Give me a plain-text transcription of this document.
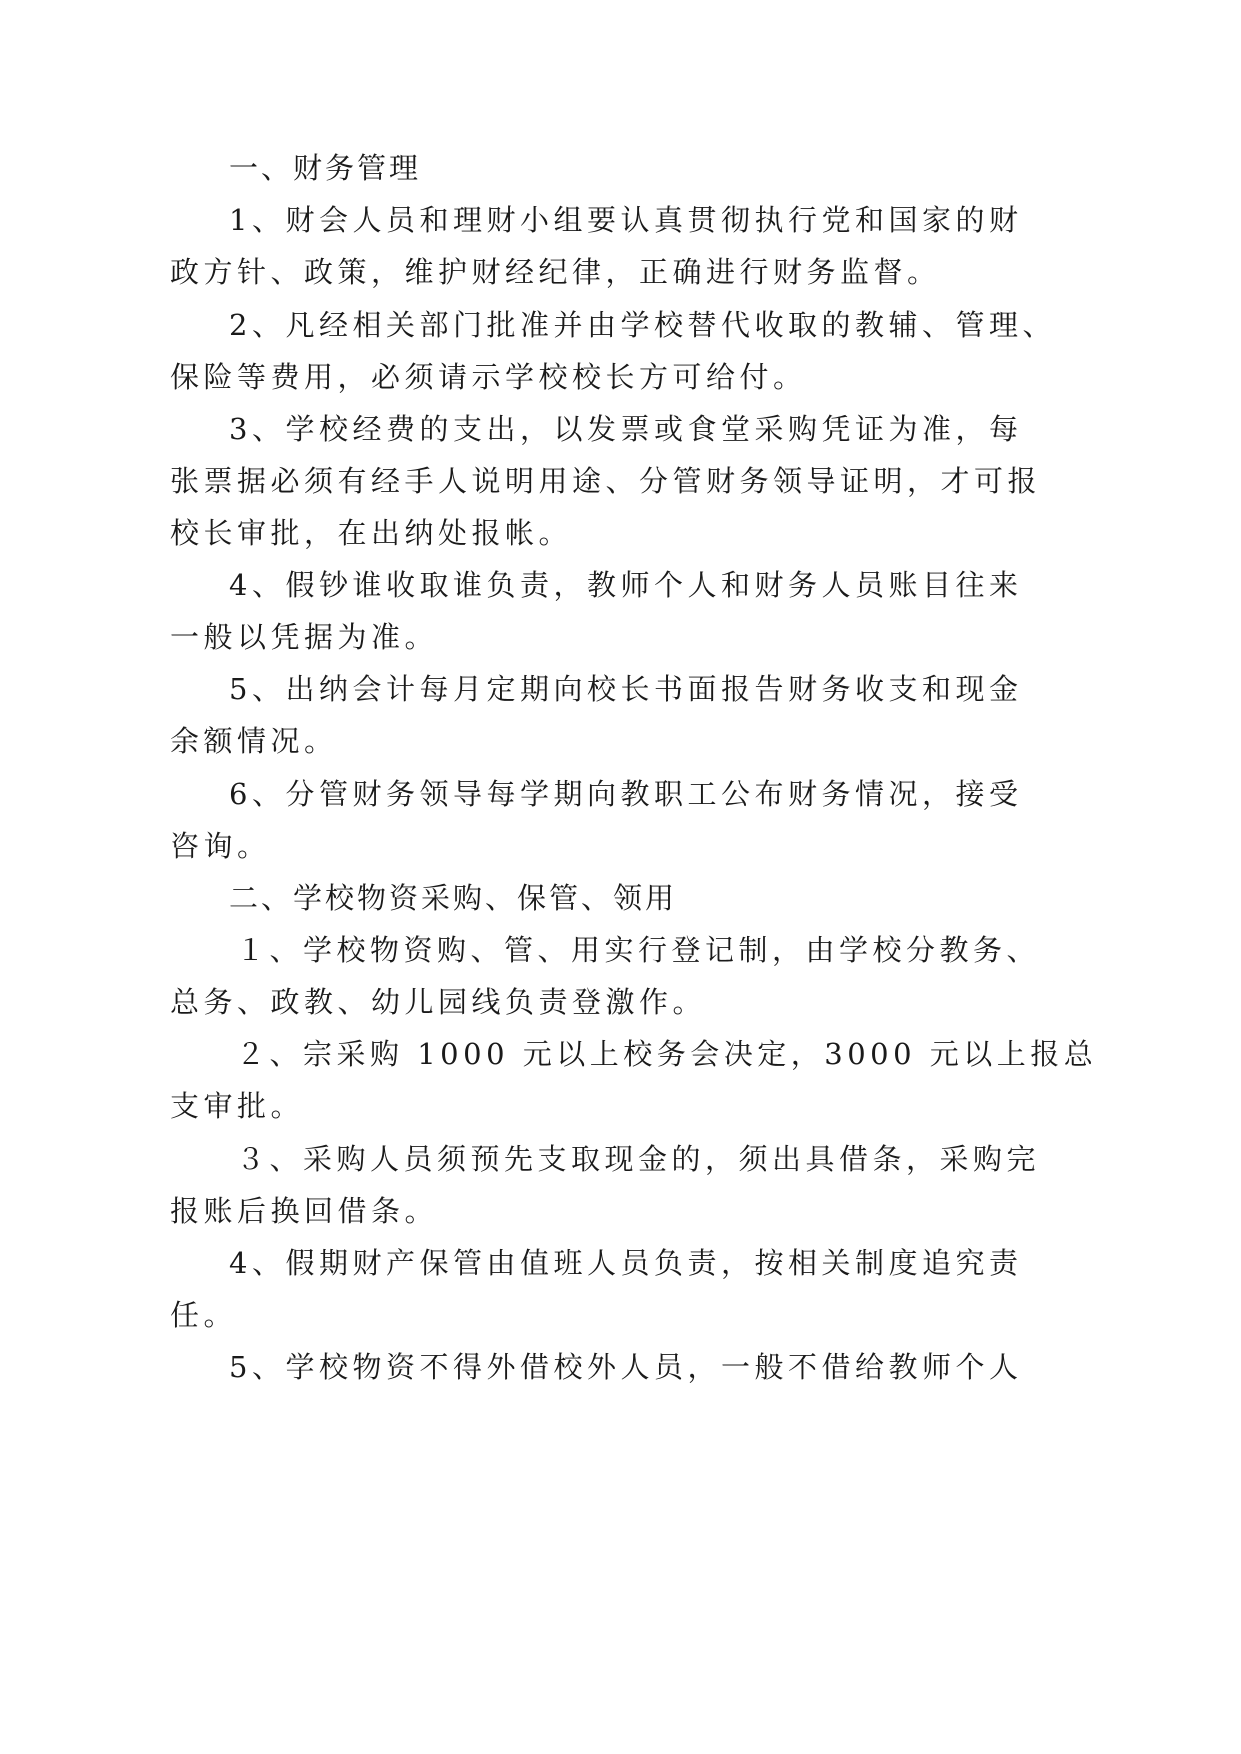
一、财务管理
1、财会人员和理财小组要认真贯彻执行党和国家的财
政方针、政策，维护财经纪律，正确进行财务监督。
2、凡经相关部门批准并由学校替代收取的教辅、管理、
保险等费用，必须请示学校校长方可给付。
3、学校经费的支出，以发票或食堂采购凭证为准，每
张票据必须有经手人说明用途、分管财务领导证明，才可报
校长审批，在出纳处报帐。
4、假钞谁收取谁负责，教师个人和财务人员账目往来
一般以凭据为准。
5、出纳会计每月定期向校长书面报告财务收支和现金
余额情况。
6、分管财务领导每学期向教职工公布财务情况，接受
咨询。
二、学校物资采购、保管、领用
１、学校物资购、管、用实行登记制，由学校分教务、
总务、政教、幼儿园线负责登激作。
２、宗采购 1000 元以上校务会决定，3000 元以上报总
支审批。
３、采购人员须预先支取现金的，须出具借条，采购完
报账后换回借条。
4、假期财产保管由值班人员负责，按相关制度追究责
任。
5、学校物资不得外借校外人员，一般不借给教师个人
